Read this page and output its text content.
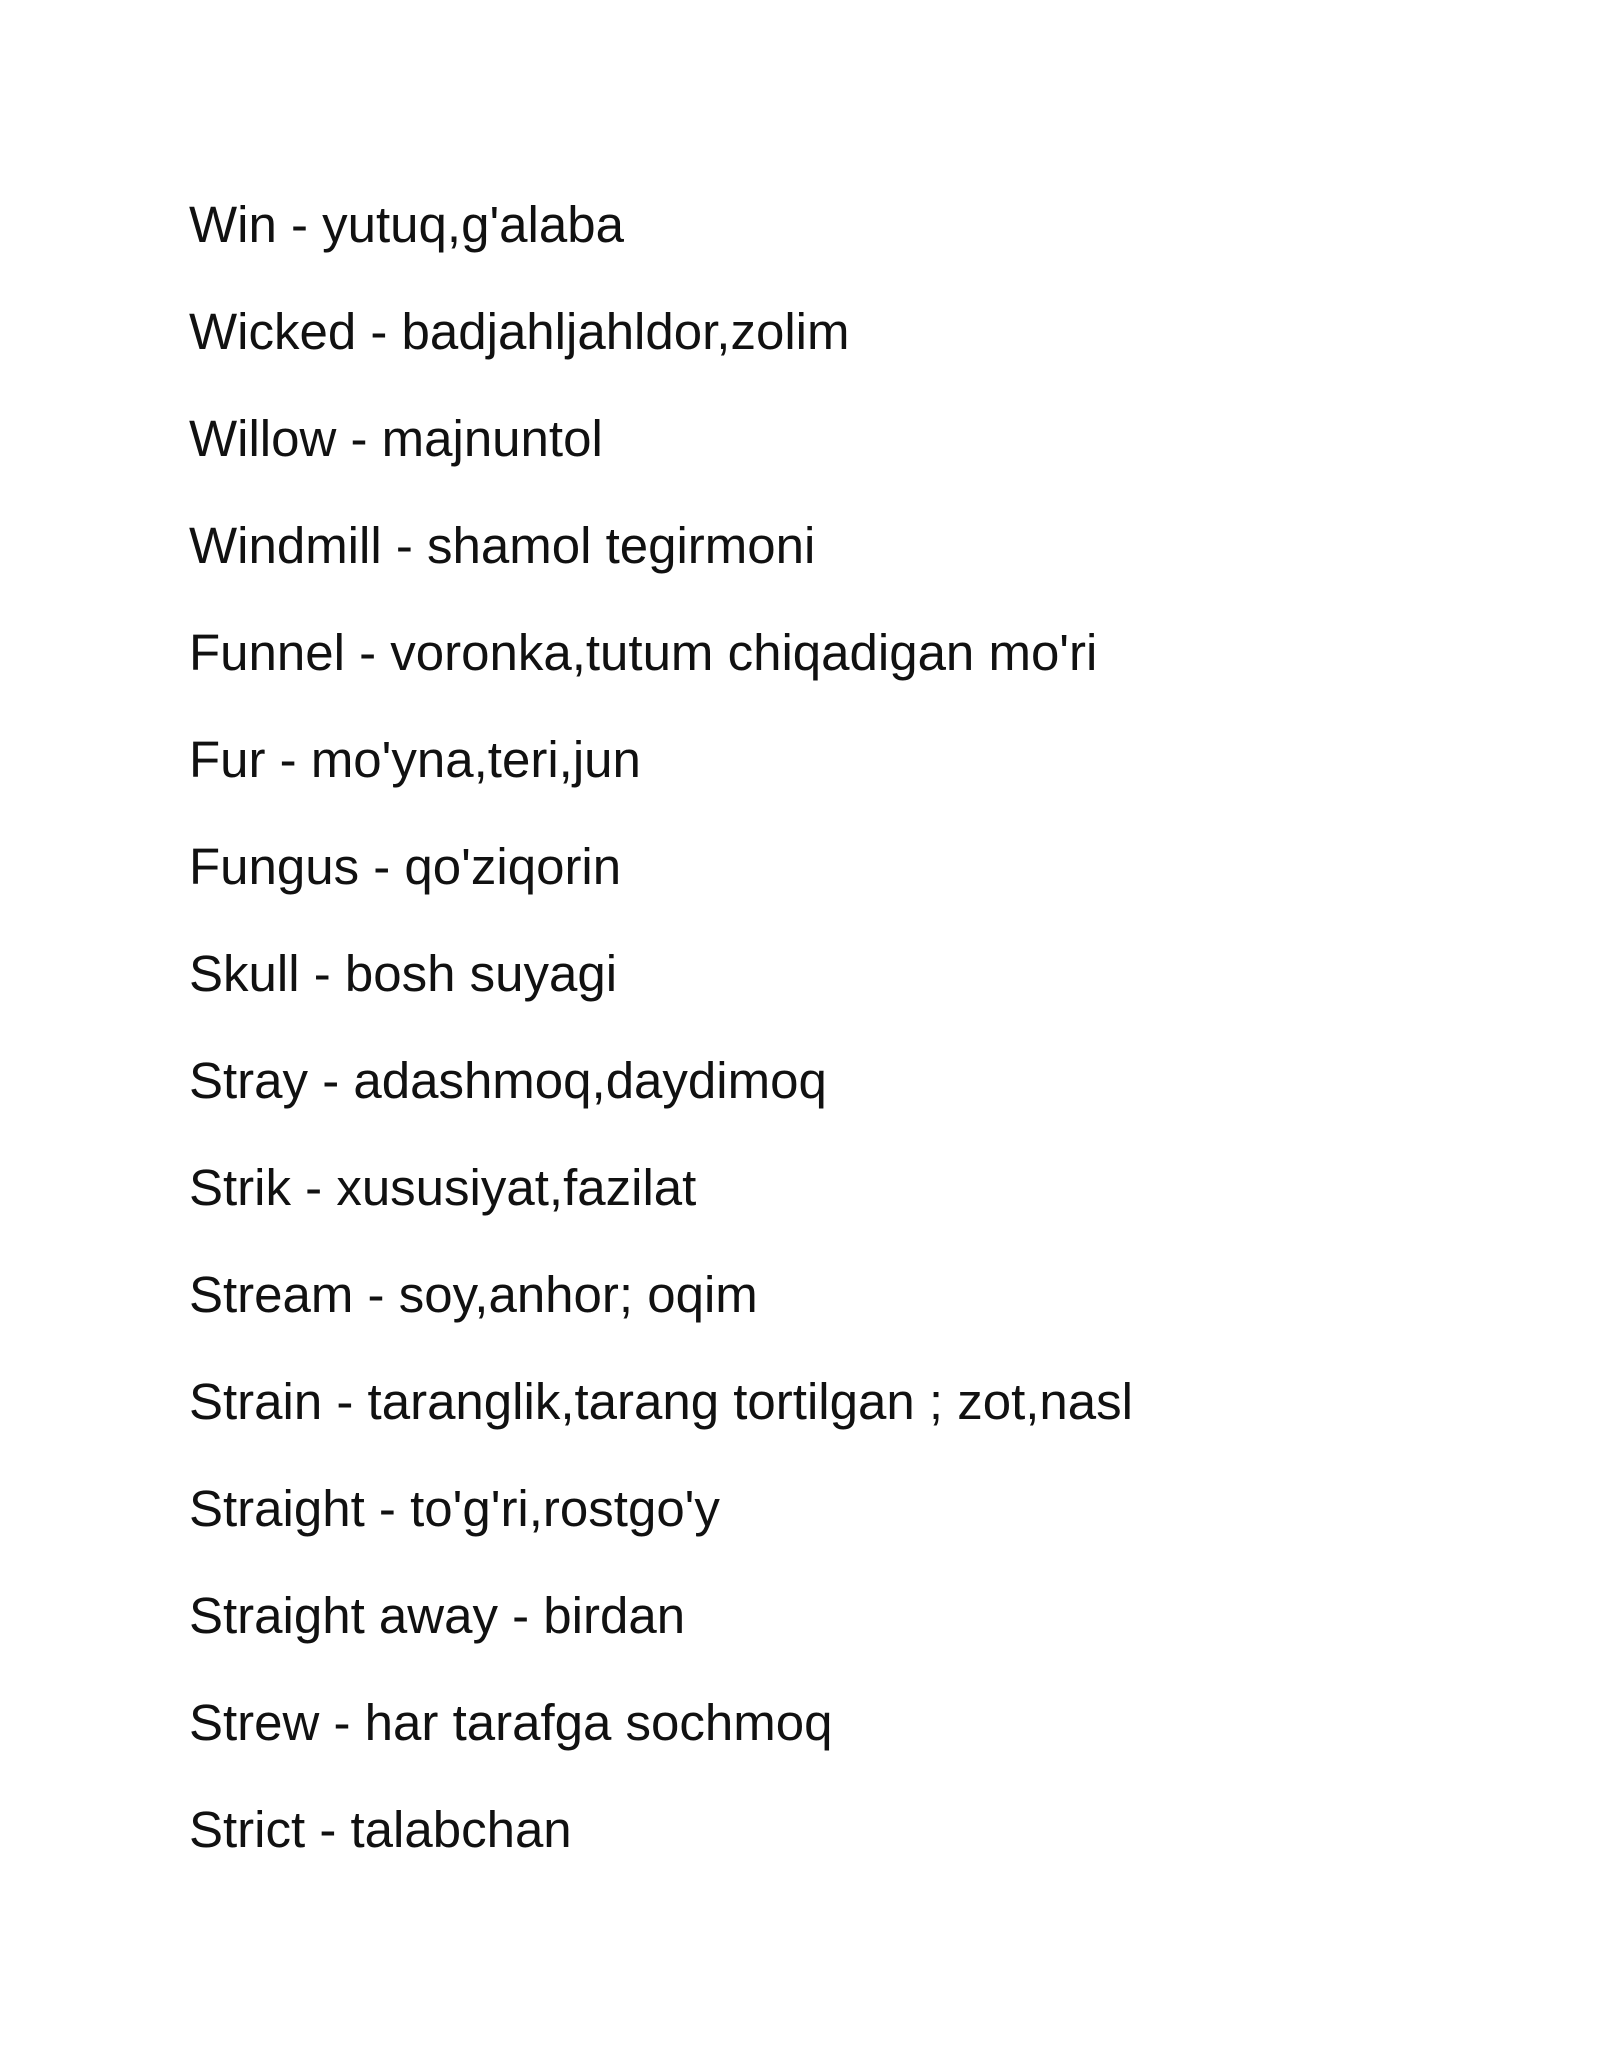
Win - yutuq,g'alaba
Wicked - badjahljahldor,zolim
Willow - majnuntol
Windmill - shamol tegirmoni
Funnel - voronka,tutum chiqadigan mo'ri
Fur - mo'yna,teri,jun
Fungus - qo'ziqorin
Skull - bosh suyagi
Stray - adashmoq,daydimoq
Strik - xususiyat,fazilat
Stream - soy,anhor; oqim
Strain - taranglik,tarang tortilgan ; zot,nasl
Straight - to'g'ri,rostgo'y
Straight away - birdan
Strew - har tarafga sochmoq
Strict - talabchan
